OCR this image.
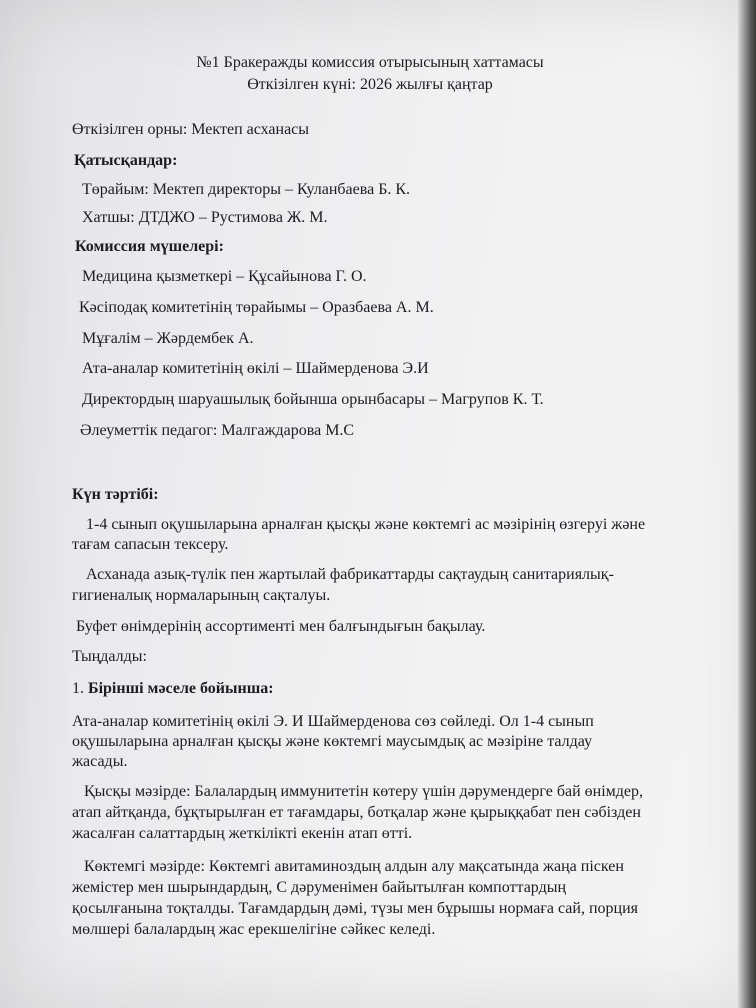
№1 Бракеражды комиссия отырысының хаттамасы

Өткізілген күні: 2026 жылғы қаңтар

Өткізілген орны: Мектеп асханасы

Қатысқандар:

Төрайым: Мектеп директоры – Куланбаева Б. К.

Хатшы: ДТДЖО – Рустимова Ж. М.

Комиссия мүшелері:

Медицина қызметкері – Құсайынова Г. О.

Кәсіподақ комитетінің төрайымы – Оразбаева А. М.

Мұғалім – Жәрдембек А.

Ата-аналар комитетінің өкілі – Шаймерденова Э.И

Директордың шаруашылық бойынша орынбасары – Магрупов К. Т.

Әлеуметтік педагог: Малгаждарова М.С

Күн тәртібі:

1-4 сынып оқушыларына арналған қысқы және көктемгі ас мәзірінің өзгеруі және

тағам сапасын тексеру.

Асханада азық-түлік пен жартылай фабрикаттарды сақтаудың санитариялық-

гигиеналық нормаларының сақталуы.

Буфет өнімдерінің ассортименті мен балғындығын бақылау.

Тыңдалды:

1. Бірінші мәселе бойынша:

Ата-аналар комитетінің өкілі Э. И Шаймерденова сөз сөйледі. Ол 1-4 сынып

оқушыларына арналған қысқы және көктемгі маусымдық ас мәзіріне талдау

жасады.

Қысқы мәзірде: Балалардың иммунитетін көтеру үшін дәрумендерге бай өнімдер,

атап айтқанда, бұқтырылған ет тағамдары, ботқалар және қырыққабат пен сәбізден

жасалған салаттардың жеткілікті екенін атап өтті.

Көктемгі мәзірде: Көктемгі авитаминоздың алдын алу мақсатында жаңа піскен

жемістер мен шырындардың, С дәруменімен байытылған компоттардың

қосылғанына тоқталды. Тағамдардың дәмі, түзы мен бұрышы нормаға сай, порция

мөлшері балалардың жас ерекшелігіне сәйкес келеді.
